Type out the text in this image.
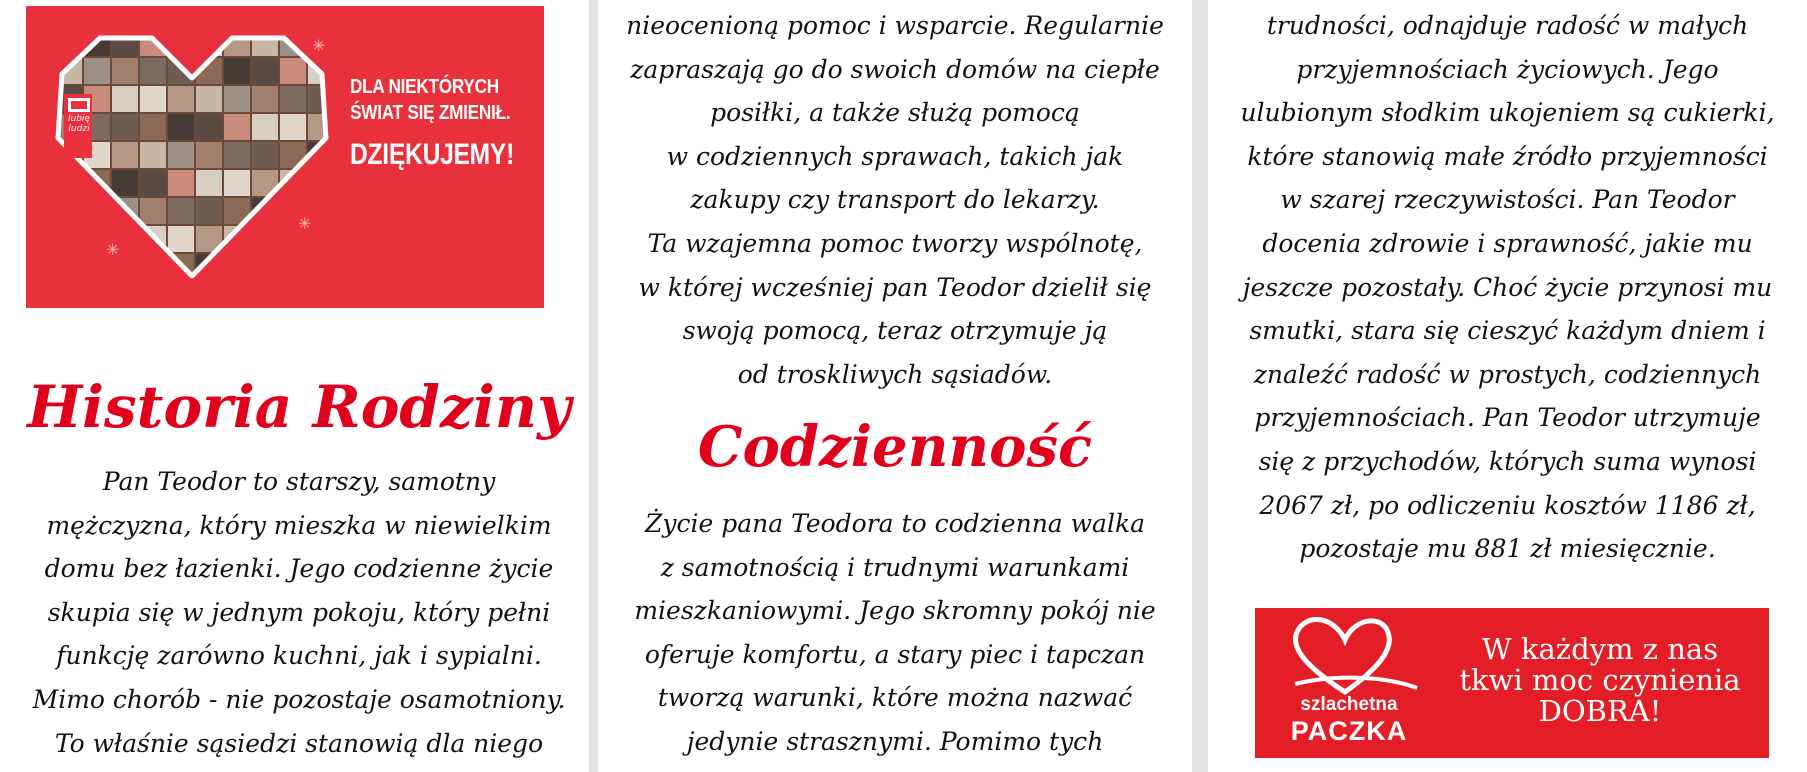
lubię ludzi
DLA NIEKTÓRYCH
ŚWIAT SIĘ ZMIENIŁ.
DZIĘKUJEMY!
✳
✳
✳
Historia Rodziny
Pan Teodor to starszy, samotny
mężczyzna, który mieszka w niewielkim
domu bez łazienki. Jego codzienne życie
skupia się w jednym pokoju, który pełni
funkcję zarówno kuchni, jak i sypialni.
Mimo chorób - nie pozostaje osamotniony.
To właśnie sąsiedzi stanowią dla niego
nieocenioną pomoc i wsparcie. Regularnie
zapraszają go do swoich domów na ciepłe
posiłki, a także służą pomocą
w codziennych sprawach, takich jak
zakupy czy transport do lekarzy.
Ta wzajemna pomoc tworzy wspólnotę,
w której wcześniej pan Teodor dzielił się
swoją pomocą, teraz otrzymuje ją
od troskliwych sąsiadów.
Codzienność
Życie pana Teodora to codzienna walka
z samotnością i trudnymi warunkami
mieszkaniowymi. Jego skromny pokój nie
oferuje komfortu, a stary piec i tapczan
tworzą warunki, które można nazwać
jedynie strasznymi. Pomimo tych
trudności, odnajduje radość w małych
przyjemnościach życiowych. Jego
ulubionym słodkim ukojeniem są cukierki,
które stanowią małe źródło przyjemności
w szarej rzeczywistości. Pan Teodor
docenia zdrowie i sprawność, jakie mu
jeszcze pozostały. Choć życie przynosi mu
smutki, stara się cieszyć każdym dniem i
znaleźć radość w prostych, codziennych
przyjemnościach. Pan Teodor utrzymuje
się z przychodów, których suma wynosi
2067 zł, po odliczeniu kosztów 1186 zł,
pozostaje mu 881 zł miesięcznie.
szlachetna
PACZKA
W każdym z nas
tkwi moc czynienia
DOBRA!
